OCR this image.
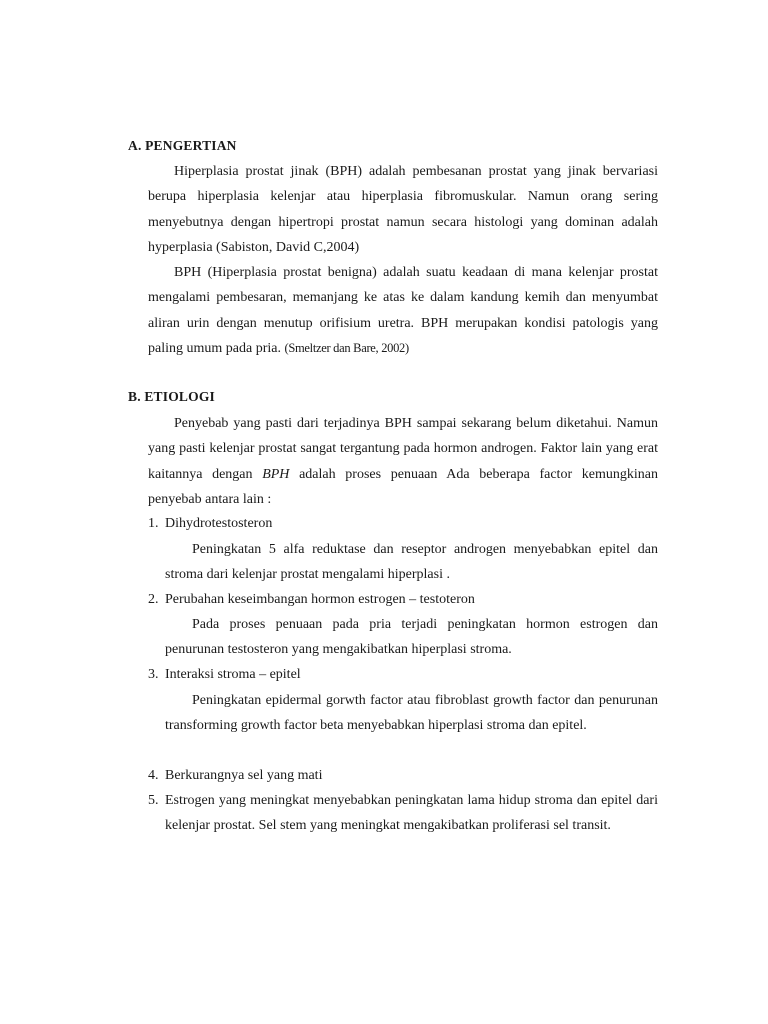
A. PENGERTIAN

Hiperplasia prostat jinak (BPH) adalah pembesanan prostat yang jinak bervariasi berupa hiperplasia kelenjar atau hiperplasia fibromuskular. Namun orang sering menyebutnya dengan hipertropi prostat namun secara histologi yang dominan adalah hyperplasia (Sabiston, David C,2004)

BPH (Hiperplasia prostat benigna) adalah suatu keadaan di mana kelenjar prostat mengalami pembesaran, memanjang ke atas ke dalam kandung kemih dan menyumbat aliran urin dengan menutup orifisium uretra. BPH merupakan kondisi patologis yang paling umum pada pria. (Smeltzer dan Bare, 2002)

B. ETIOLOGI

Penyebab yang pasti dari terjadinya BPH sampai sekarang belum diketahui. Namun yang pasti kelenjar prostat sangat tergantung pada hormon androgen. Faktor lain yang erat kaitannya dengan BPH adalah proses penuaan Ada beberapa factor kemungkinan penyebab antara lain :

1. Dihydrotestosteron

Peningkatan 5 alfa reduktase dan reseptor androgen menyebabkan epitel dan stroma dari kelenjar prostat mengalami hiperplasi .

2. Perubahan keseimbangan hormon estrogen – testoteron

Pada proses penuaan pada pria terjadi peningkatan hormon estrogen dan penurunan testosteron yang mengakibatkan hiperplasi stroma.

3. Interaksi stroma – epitel

Peningkatan epidermal gorwth factor atau fibroblast growth factor dan penurunan transforming growth factor beta menyebabkan hiperplasi stroma dan epitel.

4. Berkurangnya sel yang mati
5. Estrogen yang meningkat menyebabkan peningkatan lama hidup stroma dan epitel dari kelenjar prostat. Sel stem yang meningkat mengakibatkan proliferasi sel transit.
